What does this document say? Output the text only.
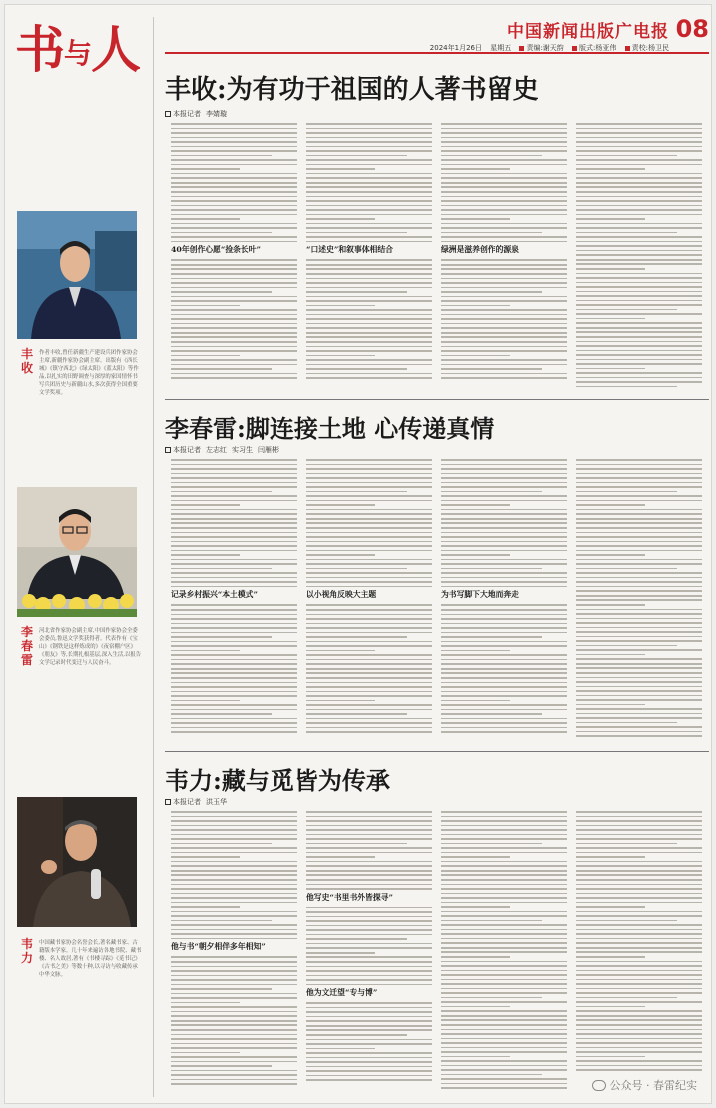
书与人	中国新闻出版广电报 08
2024年1月26日 星期五 责编:谢天韵 版式:杨亚伟 责校:杨卫民
丰收
作者丰收,曾任新疆生产建设兵团作家协会主席,新疆作家协会副主席。出版有《西长城》《镇守西北》《绿太阳》《蓝太阳》等作品,以扎实的田野调查与深厚的家国情怀书写兵团历史与新疆山水,多次获得全国重要文学奖项。
李春雷
河北省作家协会副主席,中国作家协会全委会委员,鲁迅文学奖获得者。代表作有《宝山》《钢铁是这样炼成的》《夜宿棚户区》《朋友》等,长期扎根基层,深入生活,以报告文学记录时代变迁与人民奋斗。
韦力
中国藏书家协会名誉会长,著名藏书家、古籍版本学家。几十年来遍访各地书院、藏书楼、名人故居,著有《书楼寻踪》《觅书记》《古书之美》等数十种,以寻访与收藏传承中华文脉。
丰收:为有功于祖国的人著书留史
本报记者 李婧璇
40年创作心愿“捡条长叶”	“口述史”和叙事体相结合	绿洲是滋养创作的源泉
李春雷:脚连接土地 心传递真情
本报记者 左志红 实习生 闫雁彬
记录乡村振兴“本土模式”	以小视角反映大主题	为书写脚下大地而奔走
韦力:藏与觅皆为传承
本报记者 洪玉华
他与书“朝夕相伴多年相知”
他写史“书里书外皆探寻”
他为文迁望“专与博”
公众号 · 春雷纪实
